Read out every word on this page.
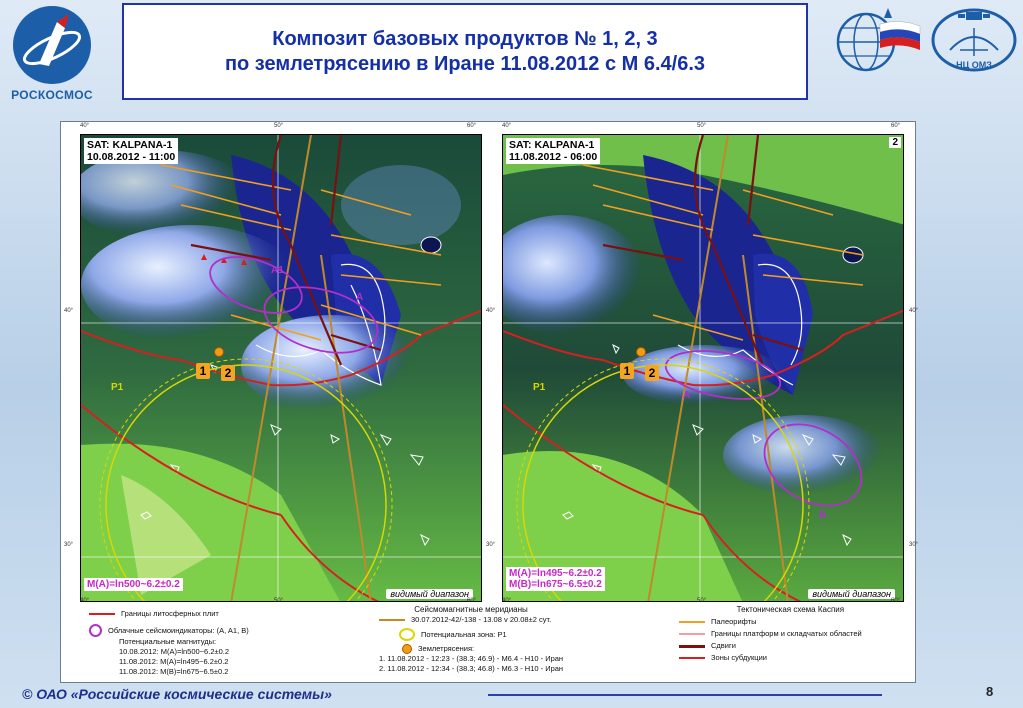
РОСКОСМОС
Композит базовых продуктов № 1, 2, 3
по землетрясению в Иране 11.08.2012 с М 6.4/6.3	НЦ ОМЗ
40°	50°	60°	40°	50°	60°
40°
30°
40°
30°
40°
30°
SAT: KALPANA-1
10.08.2012 - 11:00
A1
A
P1
1	2
M(A)=ln500~6.2±0.2
видимый диапазон
SAT: KALPANA-1
11.08.2012 - 06:00
2
A
B
P1
1	2
M(A)=ln495~6.2±0.2
M(B)=ln675~6.5±0.2
видимый диапазон
40°	50°	60°	40°	50°	60°
Границы литосферных плит
Облачные сейсмоиндикаторы: (A, A1, B)
Потенциальные магнитуды:
10.08.2012: M(A)=ln500~6.2±0.2
11.08.2012: M(A)=ln495~6.2±0.2
11.08.2012: M(B)=ln675~6.5±0.2
Сейсмомагнитные меридианы
30.07.2012-42/-138 - 13.08 v 20.08±2 сут.
Потенциальная зона: P1
Землетрясения:
1. 11.08.2012 - 12:23 - (38.3; 46.9) - M6.4 - H10 - Иран
2. 11.08.2012 - 12:34 - (38.3; 46.8) - M6.3 - H10 - Иран
Тектоническая схема Каспия
Палеорифты
Границы платформ и складчатых областей
Сдвиги
Зоны субдукции
© ОАО «Российские космические системы»	8
